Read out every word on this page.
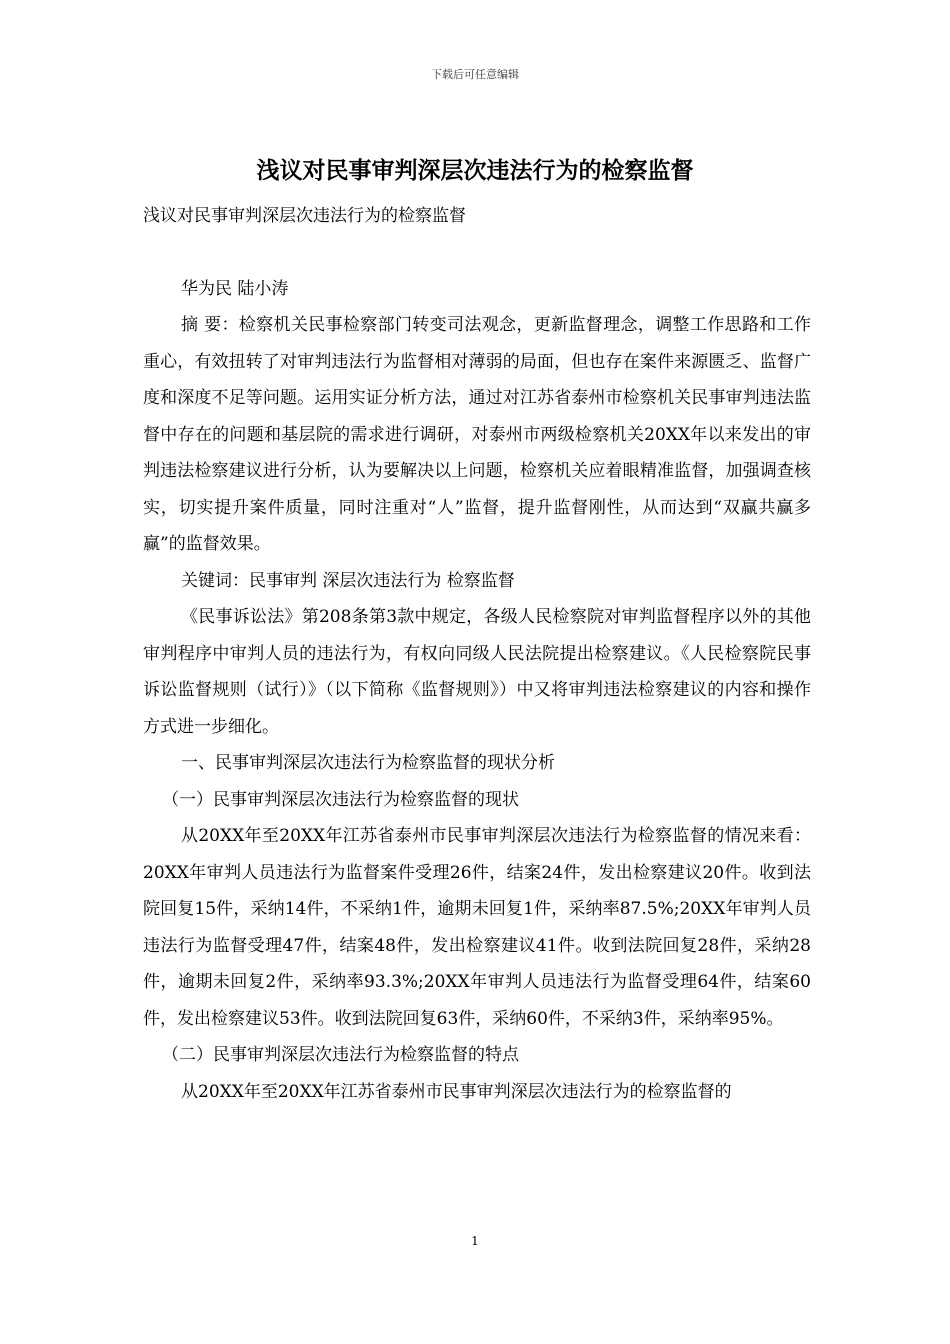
下载后可任意编辑
浅议对民事审判深层次违法行为的检察监督

浅议对民事审判深层次违法行为的检察监督

华为民 陆小涛

摘 要：检察机关民事检察部门转变司法观念，更新监督理念，调整工作思路和工作重心，有效扭转了对审判违法行为监督相对薄弱的局面，但也存在案件来源匮乏、监督广度和深度不足等问题。运用实证分析方法，通过对江苏省泰州市检察机关民事审判违法监督中存在的问题和基层院的需求进行调研，对泰州市两级检察机关20XX年以来发出的审判违法检察建议进行分析，认为要解决以上问题，检察机关应着眼精准监督，加强调查核实，切实提升案件质量，同时注重对“人”监督，提升监督刚性，从而达到“双赢共赢多赢”的监督效果。

关键词：民事审判 深层次违法行为 检察监督

《民事诉讼法》第208条第3款中规定，各级人民检察院对审判监督程序以外的其他审判程序中审判人员的违法行为，有权向同级人民法院提出检察建议。《人民检察院民事诉讼监督规则（试行）》（以下简称《监督规则》）中又将审判违法检察建议的内容和操作方式进一步细化。

一、民事审判深层次违法行为检察监督的现状分析

（一）民事审判深层次违法行为检察监督的现状

从20XX年至20XX年江苏省泰州市民事审判深层次违法行为检察监督的情况来看：20XX年审判人员违法行为监督案件受理26件，结案24件，发出检察建议20件。收到法院回复15件，采纳14件，不采纳1件，逾期未回复1件，采纳率87.5%;20XX年审判人员违法行为监督受理47件，结案48件，发出检察建议41件。收到法院回复28件，采纳28件，逾期未回复2件，采纳率93.3%;20XX年审判人员违法行为监督受理64件，结案60件，发出检察建议53件。收到法院回复63件，采纳60件，不采纳3件，采纳率95%。

（二）民事审判深层次违法行为检察监督的特点

从20XX年至20XX年江苏省泰州市民事审判深层次违法行为的检察监督的

1
